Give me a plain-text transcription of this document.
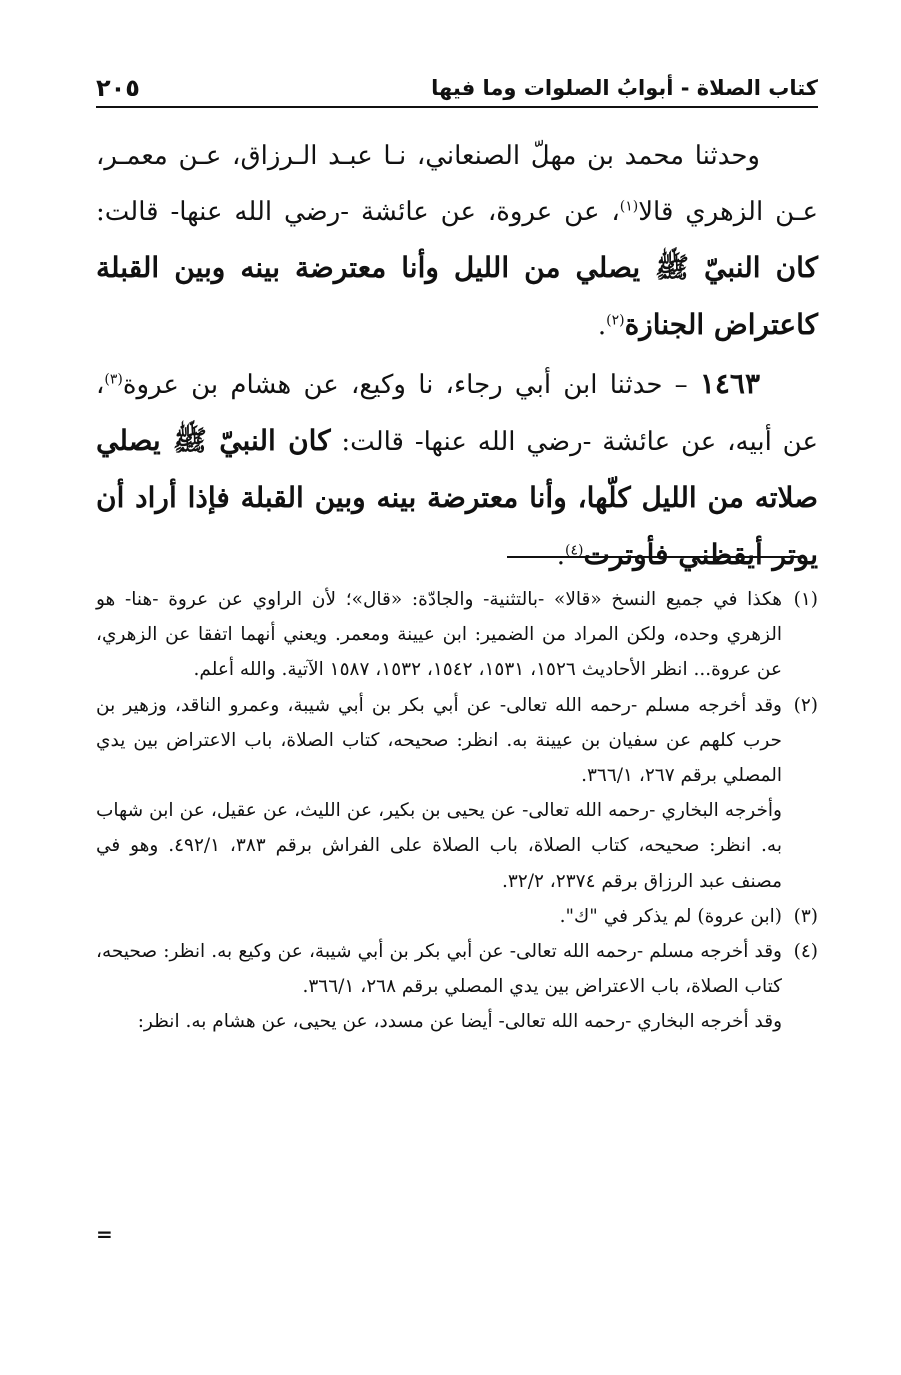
كتاب الصلاة - أبوابُ الصلوات وما فيها
٢٠٥

وحدثنا محمد بن مهلّ الصنعاني، نـا عبـد الـرزاق، عـن معمـر، عـن الزهري قالا$^{(١)}$، عن عروة، عن عائشة -رضي الله عنها- قالت: كان النبيّ ﷺ يصلي من الليل وأنا معترضة بينه وبين القبلة كاعتراض الجنازة$^{(٢)}$.

١٤٦٣ – حدثنا ابن أبي رجاء، نا وكيع، عن هشام بن عروة$^{(٣)}$، عن أبيه، عن عائشة -رضي الله عنها- قالت: كان النبيّ ﷺ يصلي صلاته من الليل كلّها، وأنا معترضة بينه وبين القبلة فإذا أراد أن يوتر أيقظني فأوترت$^{(٤)}$.

(١)
هكذا في جميع النسخ «قالا» -بالتثنية- والجادّة: «قال»؛ لأن الراوي عن عروة -هنا- هو الزهري وحده، ولكن المراد من الضمير: ابن عيينة ومعمر. ويعني أنهما اتفقا عن الزهري، عن عروة... انظر الأحاديث ١٥٢٦، ١٥٣١، ١٥٤٢، ١٥٣٢، ١٥٨٧ الآتية. والله أعلم.

(٢)
وقد أخرجه مسلم -رحمه الله تعالى- عن أبي بكر بن أبي شيبة، وعمرو الناقد، وزهير بن حرب كلهم عن سفيان بن عيينة به. انظر: صحيحه، كتاب الصلاة، باب الاعتراض بين يدي المصلي برقم ٢٦٧، ٣٦٦/١.

وأخرجه البخاري -رحمه الله تعالى- عن يحيى بن بكير، عن الليث، عن عقيل، عن ابن شهاب به. انظر: صحيحه، كتاب الصلاة، باب الصلاة على الفراش برقم ٣٨٣، ٤٩٢/١. وهو في مصنف عبد الرزاق برقم ٢٣٧٤، ٣٢/٢.

(٣)
(ابن عروة) لم يذكر في "ك".

(٤)
وقد أخرجه مسلم -رحمه الله تعالى- عن أبي بكر بن أبي شيبة، عن وكيع به. انظر: صحيحه، كتاب الصلاة، باب الاعتراض بين يدي المصلي برقم ٢٦٨، ٣٦٦/١.

وقد أخرجه البخاري -رحمه الله تعالى- أيضا عن مسدد، عن يحيى، عن هشام به. انظر:

=
